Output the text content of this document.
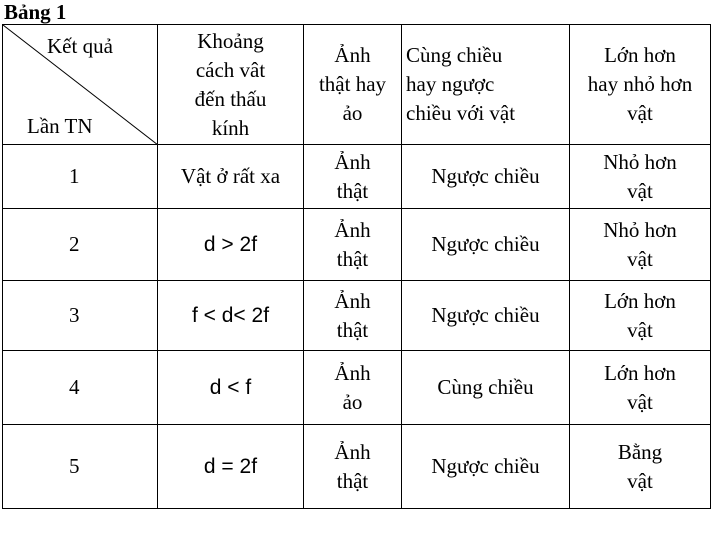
Bảng 1
Kết quả
Lần TN	Khoảng
cách vât
đến thấu
kính	Ảnh
thật hay
ảo	Cùng chiều
hay ngược
chiều với vật	Lớn hơn
hay nhỏ hơn
vật

1	Vật ở rất xa	Ảnh
thật	Ngược chiều	Nhỏ hơn
vật

2	d > 2f	Ảnh
thật	Ngược chiều	Nhỏ hơn
vật

3	f < d< 2f	Ảnh
thật	Ngược chiều	Lớn hơn
vật

4	d < f	Ảnh
ảo	Cùng chiều	Lớn hơn
vật

5	d = 2f	Ảnh
thật	Ngược chiều	Bằng
vật
